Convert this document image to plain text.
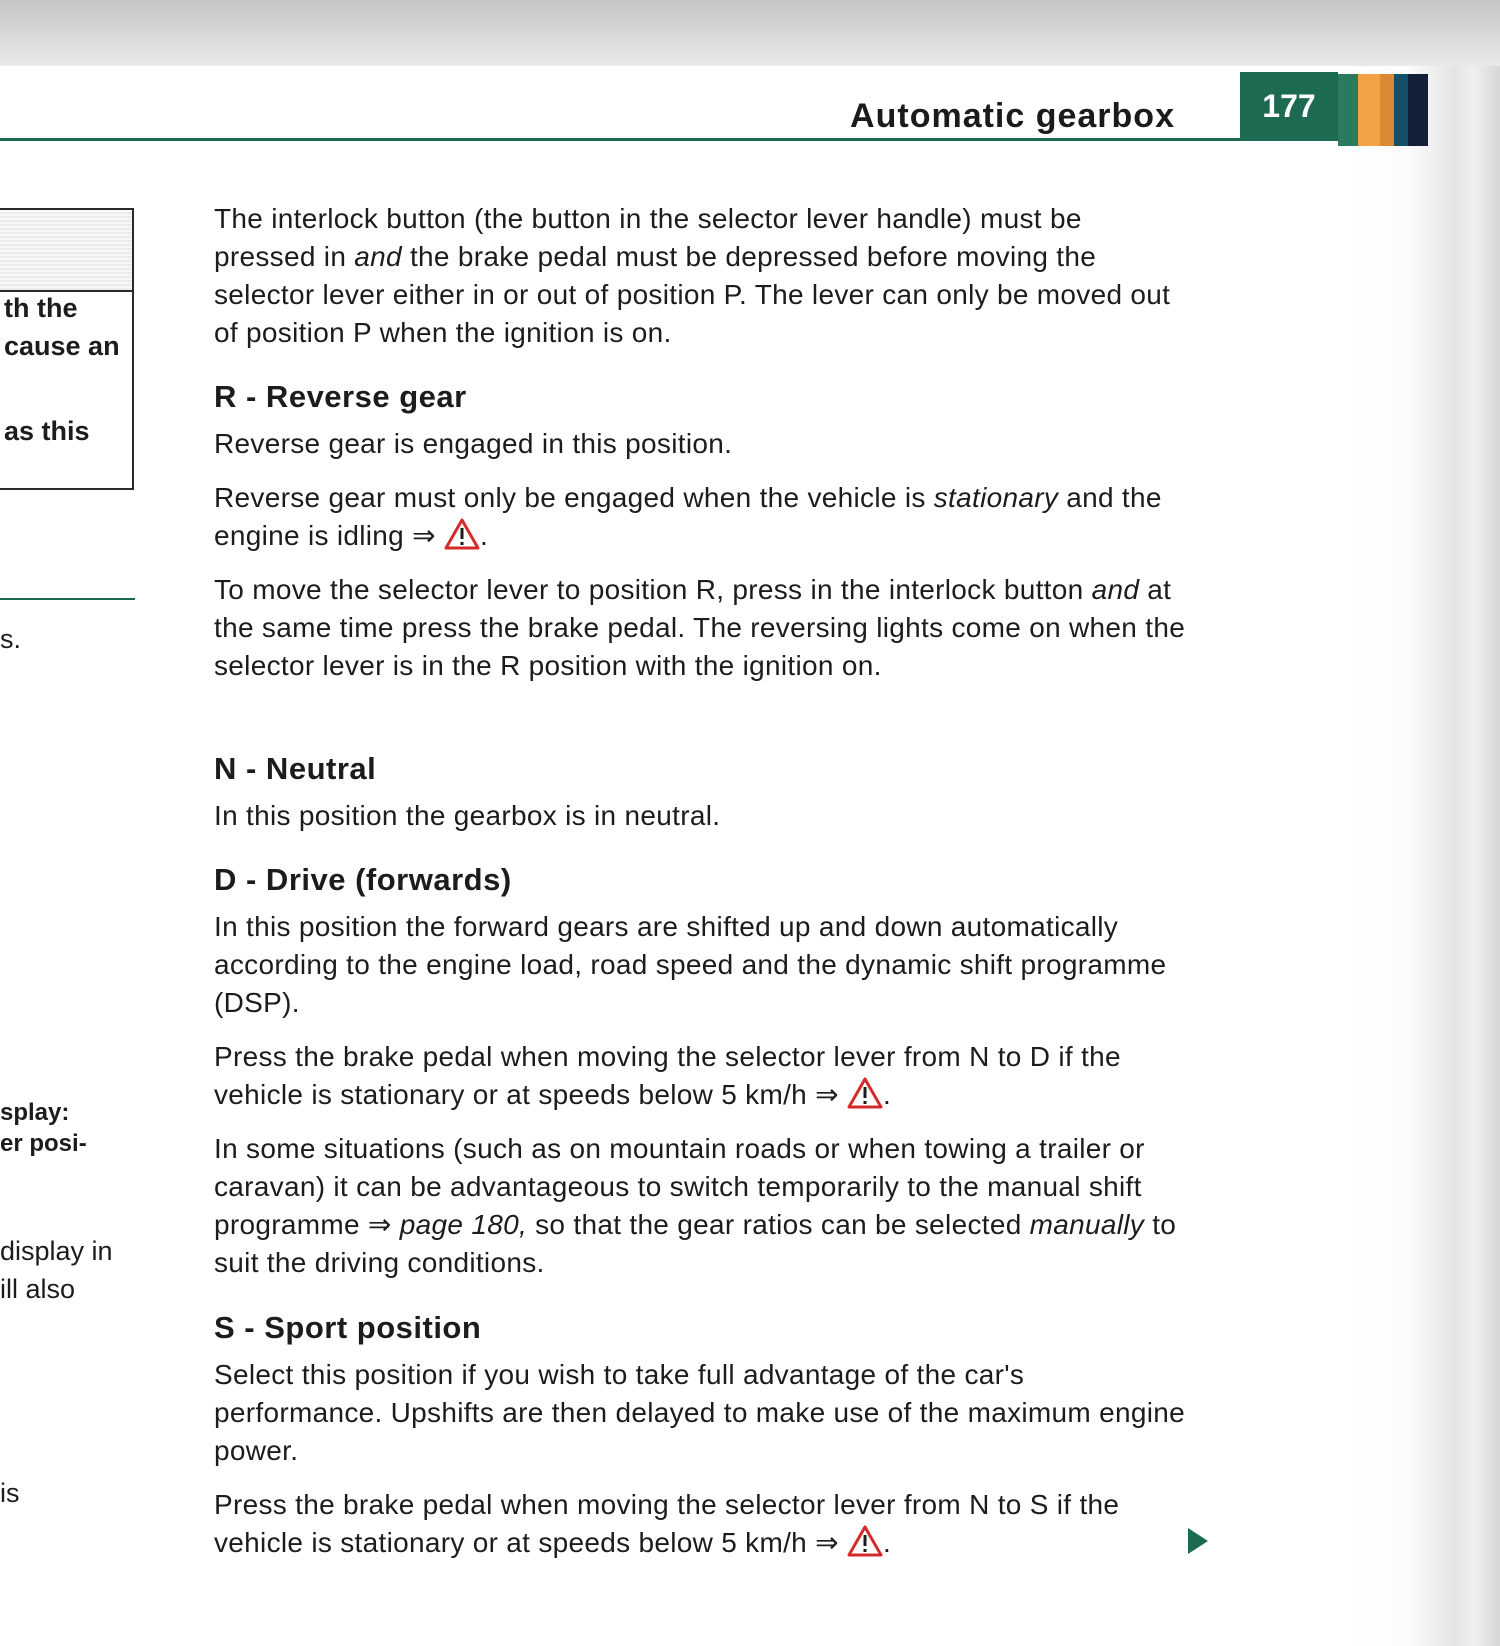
Automatic gearbox	177
th the
cause an
as this
s.
splay:
er posi-
display in
ill also
is
The interlock button (the button in the selector lever handle) must be pressed in and the brake pedal must be depressed before moving the selector lever either in or out of position P. The lever can only be moved out of position P when the ignition is on.
R - Reverse gear
Reverse gear is engaged in this position.
Reverse gear must only be engaged when the vehicle is stationary and the engine is idling ⇒ .
To move the selector lever to position R, press in the interlock button and at the same time press the brake pedal. The reversing lights come on when the selector lever is in the R position with the ignition on.
N - Neutral
In this position the gearbox is in neutral.
D - Drive (forwards)
In this position the forward gears are shifted up and down automatically according to the engine load, road speed and the dynamic shift programme (DSP).
Press the brake pedal when moving the selector lever from N to D if the vehicle is stationary or at speeds below 5 km/h ⇒ .
In some situations (such as on mountain roads or when towing a trailer or caravan) it can be advantageous to switch temporarily to the manual shift programme ⇒ page 180, so that the gear ratios can be selected manually to suit the driving conditions.
S - Sport position
Select this position if you wish to take full advantage of the car's performance. Upshifts are then delayed to make use of the maximum engine power.
Press the brake pedal when moving the selector lever from N to S if the vehicle is stationary or at speeds below 5 km/h ⇒ .
